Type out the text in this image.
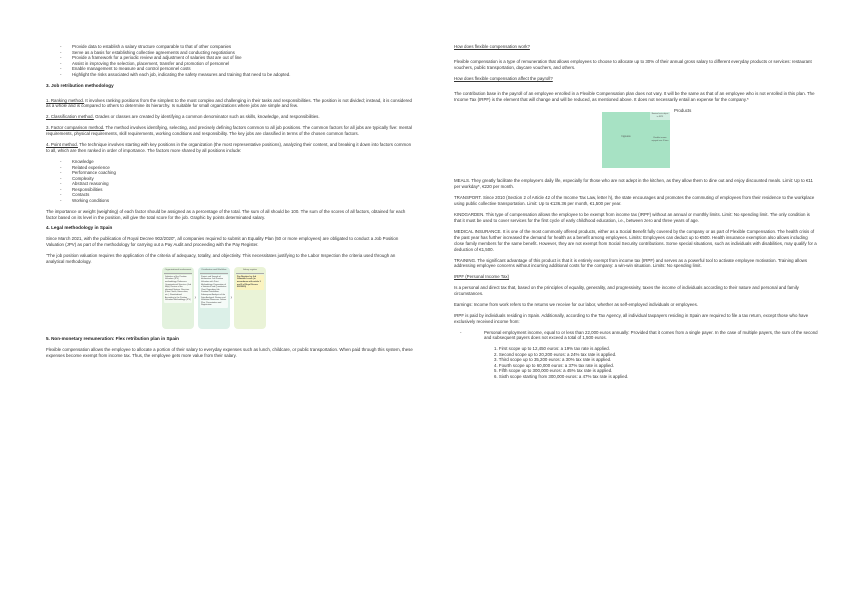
- Provide data to establish a salary structure comparable to that of other companies
- Serve as a basis for establishing collective agreements and conducting negotiations
- Provide a framework for a periodic review and adjustment of salaries that are out of line
- Assist in improving the selection, placement, transfer and promotion of personnel
- Enable management to measure and control personnel costs
- Highlight the risks associated with each job, indicating the safety measures and training that need to be adopted.
3. Job retribution methodology

1. Ranking method. It involves ranking positions from the simplest to the most complex and challenging in their tasks and responsibilities. The position is not divided; instead, it is considered as a whole and is compared to others to determine its hierarchy. Is suitable for small organizations where jobs are simple and few.

2. Classification method. Grades or classes are created by identifying a common denominator such as skills, knowledge, and responsibilities.

3. Factor comparison method. The method involves identifying, selecting, and precisely defining factors common to all job positions. The common factors for all jobs are typically five: mental requirements, physical requirements, skill requirements, working conditions and responsibility. The key jobs are classified in terms of the chosen common factors.

4. Point method. The technique involves starting with key positions in the organization (the most representative positions), analyzing their content, and breaking it down into factors common to all, which are then ranked in order of importance. The factors more shared by all positions include:

- Knowledge
- Related experience
- Performance coaching
- Complexity
- Abstract reasoning
- Responsibilities
- Contacts
- Working conditions

The importance or weight (weighting) of each factor should be assigned as a percentage of the total. The sum of all should be 100. The sum of the scores of all factors, obtained for each factor based on its level in the position, will give the total score for the job. Graphic by points determinated salary.

4. Legal methodology in Spain

Since March 2021, with the publication of Royal Decree 902/2020", all companies required to submit an Equality Plan (50 or more employees) are obligated to conduct a Job Position Valuation (JPV) as part of the methodology for carrying out a Pay Audit and proceeding with the Pay Register.

"The job position valuation requires the application of the criteria of adequacy, totality, and objectivity. This necessitates justifying to the Labor Inspection the criteria used through an analytical methodology.

Organizational involvement
Definition of the Position Valuation (JPV) methodology. Reference: Organizational Structure (Job Map). Review of the informed System. Structure (Flow Charts, Hierarchies, etc.). Standardized According to the Position Valuation Methodology (JPV) ›
Distribution and Workflow
Project and Sample of Information. Job Position Valuation with Point Methodology. Preparation of a Statistical and Quantitative Chart Regarding Job Position Distribution. Subsequent Analysis of the Data Analyzed. Review and Validation Measures. Deliver Plan, Presentation and Registration
›
Salary register
Pay Register by Job Valuation Levels (in accordance with article 3 and 5 of Royal Decree 902/2020)
5. Non-monetary remuneration: Flex retribution plan in Spain

Flexible compensation allows the employee to allocate a portion of their salary to everyday expenses such as lunch, childcare, or public transportation. When paid through this system, these expenses become exempt from income tax. Thus, the employee gets more value from their salary.

How does flexible compensation work?

Flexible compensation is a type of remuneration that allows employees to choose to allocate up to 30% of their annual gross salary to different everyday products or services: restaurant vouchers, public transportation, daycare vouchers, and others.

How does flexible compensation affect the payroll?

The contribution base in the payroll of an employee enrolled in a Flexible Compensation plan does not vary. It will be the same as that of an employee who is not enrolled in this plan. The Income Tax (IRPF) is the element that will change and will be reduced, as mentioned above. It does not necessarily entail an expense for the company.*

Ingresos
Nominal not subject to IRPF
Flexible income enjoyed over 3 lines
Products

MEALS. They greatly facilitate the employee's daily life, especially for those who are not adept in the kitchen, as they allow them to dine out and enjoy discounted meals. Limit: Up to €11 per workday*, €220 per month.

TRANSPORT. Since 2010 (Section 2 of Article 42 of the Income Tax Law, letter h), the state encourages and promotes the commuting of employees from their residence to the workplace using public collective transportation. Limit: Up to €136.36 per month, €1,500 per year.

KINDGARDEN. This type of compensation allows the employee to be exempt from income tax (IRPF) without an annual or monthly limits. Limit: No spending limit. The only condition is that it must be used to cover services for the first cycle of early childhood education, i.e., between zero and three years of age.

MEDICAL INSURANCE. It is one of the most commonly offered products, either as a Social Benefit fully covered by the company or as part of Flexible Compensation. The health crisis of the past year has further increased the demand for health as a benefit among employees. Limits: Employees can deduct up to €500. Health insurance exemption also allows including close family members for the same benefit. However, they are not exempt from Social Security contributions. Some special situations, such as individuals with disabilities, may qualify for a deduction of €1,500.

TRAINING. The significant advantage of this product is that it is entirely exempt from income tax (IRPF) and serves as a powerful tool to activate employee motivation. Training allows addressing employee concerns without incurring additional costs for the company: a win-win situation. Limits: No spending limit.

IRPF (Personal Income Tax)

Is a personal and direct tax that, based on the principles of equality, generality, and progressivity, taxes the income of individuals according to their nature and personal and family circumstances.

Earnings: Income from work refers to the returns we receive for our labor, whether as self-employed individuals or employees.

IRPF is paid by individuals residing in Spain. Additionally, according to the Tax Agency, all individual taxpayers residing in Spain are required to file a tax return, except those who have exclusively received income from:

- Personal employment income, equal to or less than 22,000 euros annually: Provided that it comes from a single payer. In the case of multiple payers, the sum of the second and subsequent payers does not exceed a total of 1,500 euros.
1. First scope up to 12,450 euros: a 19% tax rate is applied.
2. Second scope up to 20,200 euros: a 24% tax rate is applied.
3. Third scope up to 35,200 euros: a 30% tax rate is applied.
4. Fourth scope up to 60,000 euros: a 37% tax rate is applied.
5. Fifth scope up to 300,000 euros: a 45% tax rate is applied.
6. Sixth scope starting from 300,000 euros: a 47% tax rate is applied.
